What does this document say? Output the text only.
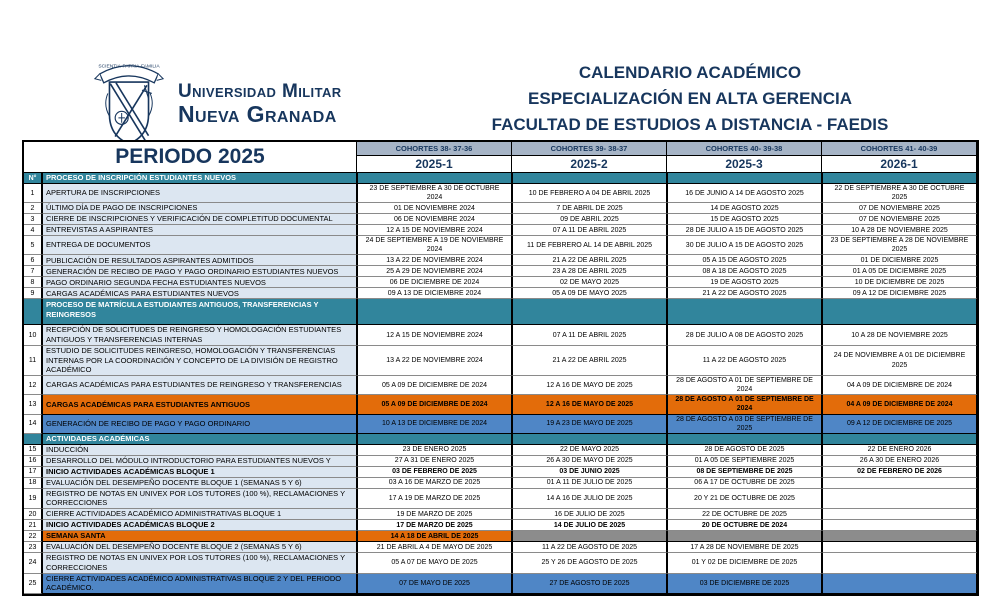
SCIENTIA·PATRIA·FAMILIA
Universidad Militar
Nueva Granada
CALENDARIO ACADÉMICO
ESPECIALIZACIÓN EN ALTA GERENCIA
FACULTAD DE ESTUDIOS A DISTANCIA - FAEDIS
PERIODO 2025		COHORTES 38- 37-36	COHORTES 39- 38-37	COHORTES 40- 39-38	COHORTES 41- 40-39
		2025-1	2025-2	2025-3	2026-1
N°	PROCESO DE INSCRIPCIÓN ESTUDIANTES NUEVOS				
1	APERTURA DE INSCRIPCIONES	23 DE SEPTIEMBRE A 30 DE OCTUBRE 2024	10 DE FEBRERO A 04 DE ABRIL 2025	16 DE JUNIO A 14 DE AGOSTO 2025	22 DE SEPTIEMBRE A 30 DE OCTUBRE 2025
2	ÚLTIMO DÍA DE PAGO DE INSCRIPCIONES	01 DE NOVIEMBRE 2024	7 DE ABRIL DE 2025	14 DE AGOSTO 2025	07 DE NOVIEMBRE 2025
3	CIERRE DE INSCRIPCIONES Y VERIFICACIÓN DE COMPLETITUD DOCUMENTAL	06 DE NOVIEMBRE 2024	09 DE ABRIL 2025	15 DE AGOSTO 2025	07 DE NOVIEMBRE 2025
4	ENTREVISTAS A ASPIRANTES	12 A 15 DE NOVIEMBRE 2024	07 A 11 DE ABRIL 2025	28 DE JULIO A 15 DE AGOSTO 2025	10 A 28 DE NOVIEMBRE 2025
5	ENTREGA DE DOCUMENTOS	24 DE SEPTIEMBRE A 19 DE NOVIEMBRE 2024	11 DE FEBRERO AL 14 DE ABRIL 2025	30 DE JULIO A 15 DE AGOSTO 2025	23 DE SEPTIEMBRE A 28 DE NOVIEMBRE 2025
6	PUBLICACIÓN DE RESULTADOS ASPIRANTES ADMITIDOS	13 A 22 DE NOVIEMBRE 2024	21 A 22 DE ABRIL 2025	05 A 15 DE AGOSTO 2025	01 DE DICIEMBRE 2025
7	GENERACIÓN DE RECIBO DE PAGO Y PAGO ORDINARIO ESTUDIANTES NUEVOS	25 A 29 DE NOVIEMBRE 2024	23 A 28 DE ABRIL 2025	08 A 18 DE AGOSTO 2025	01 A 05 DE DICIEMBRE 2025
8	PAGO ORDINARIO SEGUNDA FECHA ESTUDIANTES NUEVOS	06 DE DICIEMBRE DE 2024	02 DE MAYO 2025	19 DE AGOSTO 2025	10 DE DICIEMBRE DE 2025
9	CARGAS ACADÉMICAS PARA ESTUDIANTES NUEVOS	09 A 13 DE DICIEMBRE 2024	05 A 09 DE MAYO 2025	21 A 22 DE AGOSTO 2025	09 A 12 DE DICIEMBRE 2025
	PROCESO DE MATRÍCULA ESTUDIANTES ANTIGUOS, TRANSFERENCIAS Y REINGRESOS				
10	RECEPCIÓN DE SOLICITUDES DE REINGRESO Y HOMOLOGACIÓN ESTUDIANTES ANTIGUOS Y TRANSFERENCIAS INTERNAS	12 A 15 DE NOVIEMBRE 2024	07 A 11 DE ABRIL 2025	28 DE JULIO A 08 DE AGOSTO 2025	10 A 28 DE NOVIEMBRE 2025
11	ESTUDIO DE SOLICITUDES REINGRESO, HOMOLOGACIÓN Y TRANSFERENCIAS INTERNAS POR LA COORDINACIÓN Y CONCEPTO DE LA DIVISIÓN DE REGISTRO ACADÉMICO	13 A 22 DE NOVIEMBRE 2024	21 A 22 DE ABRIL 2025	11 A 22 DE AGOSTO 2025	24 DE NOVIEMBRE A 01 DE DICIEMBRE 2025
12	CARGAS ACADÉMICAS PARA ESTUDIANTES DE REINGRESO Y TRANSFERENCIAS	05 A 09 DE DICIEMBRE DE 2024	12 A 16 DE MAYO DE 2025	28 DE AGOSTO A 01 DE SEPTIEMBRE DE 2024	04 A 09 DE DICIEMBRE DE 2024
13	CARGAS ACADÉMICAS PARA ESTUDIANTES ANTIGUOS	05 A 09 DE DICIEMBRE DE 2024	12 A 16 DE MAYO DE 2025	28 DE AGOSTO A 01 DE SEPTIEMBRE DE 2024	04 A 09 DE DICIEMBRE DE 2024
14	GENERACIÓN DE RECIBO DE PAGO Y PAGO ORDINARIO	10 A 13 DE DICIEMBRE DE 2024	19 A 23 DE MAYO DE 2025	28 DE AGOSTO A 03 DE SEPTIEMBRE DE 2025	09 A 12 DE DICIEMBRE DE 2025
	ACTIVIDADES ACADÉMICAS				
15	INDUCCIÓN	23 DE ENERO 2025	22 DE MAYO 2025	28 DE AGOSTO DE 2025	22 DE ENERO 2026
16	DESARROLLO DEL MÓDULO INTRODUCTORIO PARA ESTUDIANTES NUEVOS Y	27 A 31 DE ENERO 2025	26 A 30 DE MAYO DE 2025	01 A 05 DE SEPTIEMBRE 2025	26 A 30 DE ENERO 2026
17	INICIO ACTIVIDADES ACADÉMICAS BLOQUE 1	03 DE FEBRERO DE 2025	03 DE JUNIO 2025	08 DE SEPTIEMBRE DE 2025	02 DE FEBRERO DE 2026
18	EVALUACIÓN DEL DESEMPEÑO DOCENTE BLOQUE 1 (SEMANAS 5 Y 6)	03 A 16 DE MARZO DE 2025	01 A 11 DE JULIO DE 2025	06 A 17 DE OCTUBRE DE 2025	
19	REGISTRO DE NOTAS EN UNIVEX POR LOS TUTORES (100 %), RECLAMACIONES Y CORRECCIONES	17 A 19 DE MARZO DE 2025	14 A 16 DE JULIO DE 2025	20 Y 21 DE OCTUBRE DE 2025	
20	CIERRE ACTIVIDADES ACADÉMICO ADMINISTRATIVAS BLOQUE 1	19 DE MARZO DE 2025	16 DE JULIO DE 2025	22 DE OCTUBRE DE 2025	
21	INICIO ACTIVIDADES ACADÉMICAS BLOQUE 2	17 DE MARZO DE 2025	14 DE JULIO DE 2025	20 DE OCTUBRE DE 2024	
22	SEMANA SANTA	14 A 18 DE ABRIL DE 2025			
23	EVALUACIÓN DEL DESEMPEÑO DOCENTE BLOQUE 2 (SEMANAS 5 Y 6)	21 DE ABRIL A 4 DE MAYO DE 2025	11 A 22 DE AGOSTO DE 2025	17 A 28 DE NOVIEMBRE DE 2025	
24	REGISTRO DE NOTAS EN UNIVEX POR LOS TUTORES (100 %), RECLAMACIONES Y CORRECCIONES	05 A 07 DE MAYO DE 2025	25 Y 26 DE AGOSTO DE 2025	01 Y 02 DE DICIEMBRE DE 2025	
25	CIERRE ACTIVIDADES ACADÉMICO ADMINISTRATIVAS BLOQUE 2 Y DEL PERIODO ACADÉMICO.	07 DE MAYO DE 2025	27 DE AGOSTO DE 2025	03 DE DICIEMBRE DE 2025	
